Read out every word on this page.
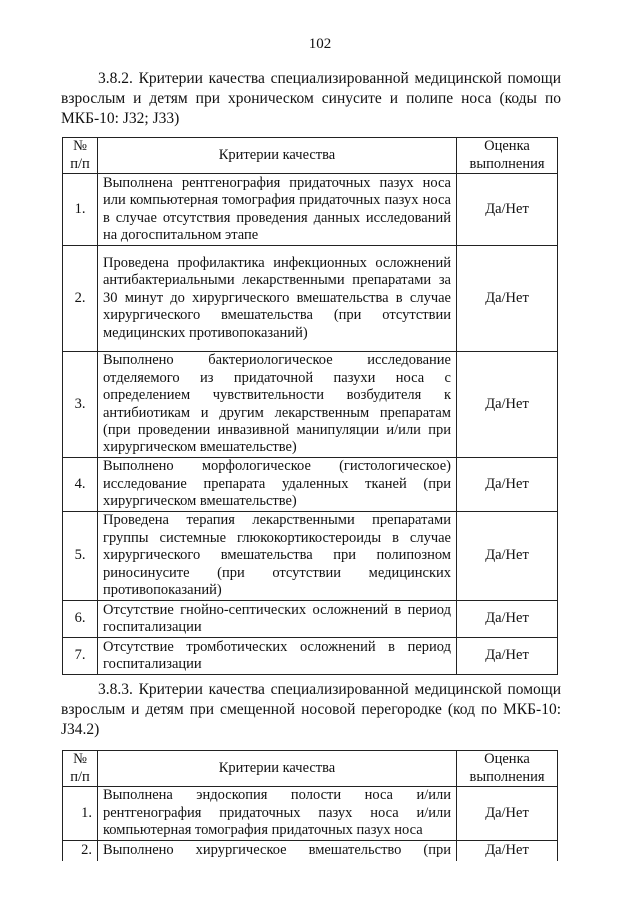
102
3.8.2. Критерии качества специализированной медицинской помощи взрослым и детям при хроническом синусите и полипе носа (коды по МКБ-10: J32; J33)
№ п/п	Критерии качества	Оценка выполнения
1.	Выполнена рентгенография придаточных пазух носа или компьютерная томография придаточных пазух носа в случае отсутствия проведения данных исследований на догоспитальном этапе	Да/Нет
2.	Проведена профилактика инфекционных осложнений антибактериальными лекарственными препаратами за 30 минут до хирургического вмешательства в случае хирургического вмешательства (при отсутствии медицинских противопоказаний)	Да/Нет
3.	Выполнено бактериологическое исследование отделяемого из придаточной пазухи носа с определением чувствительности возбудителя к антибиотикам и другим лекарственным препаратам (при проведении инвазивной манипуляции и/или при хирургическом вмешательстве)	Да/Нет
4.	Выполнено морфологическое (гистологическое) исследование препарата удаленных тканей (при хирургическом вмешательстве)	Да/Нет
5.	Проведена терапия лекарственными препаратами группы системные глюкокортикостероиды в случае хирургического вмешательства при полипозном риносинусите (при отсутствии медицинских противопоказаний)	Да/Нет
6.	Отсутствие гнойно-септических осложнений в период госпитализации	Да/Нет
7.	Отсутствие тромботических осложнений в период госпитализации	Да/Нет
3.8.3. Критерии качества специализированной медицинской помощи взрослым и детям при смещенной носовой перегородке (код по МКБ-10: J34.2)
№ п/п	Критерии качества	Оценка выполнения
1.	Выполнена эндоскопия полости носа и/или рентгенография придаточных пазух носа и/или компьютерная томография придаточных пазух носа	Да/Нет
2.	Выполнено хирургическое вмешательство (при	Да/Нет
